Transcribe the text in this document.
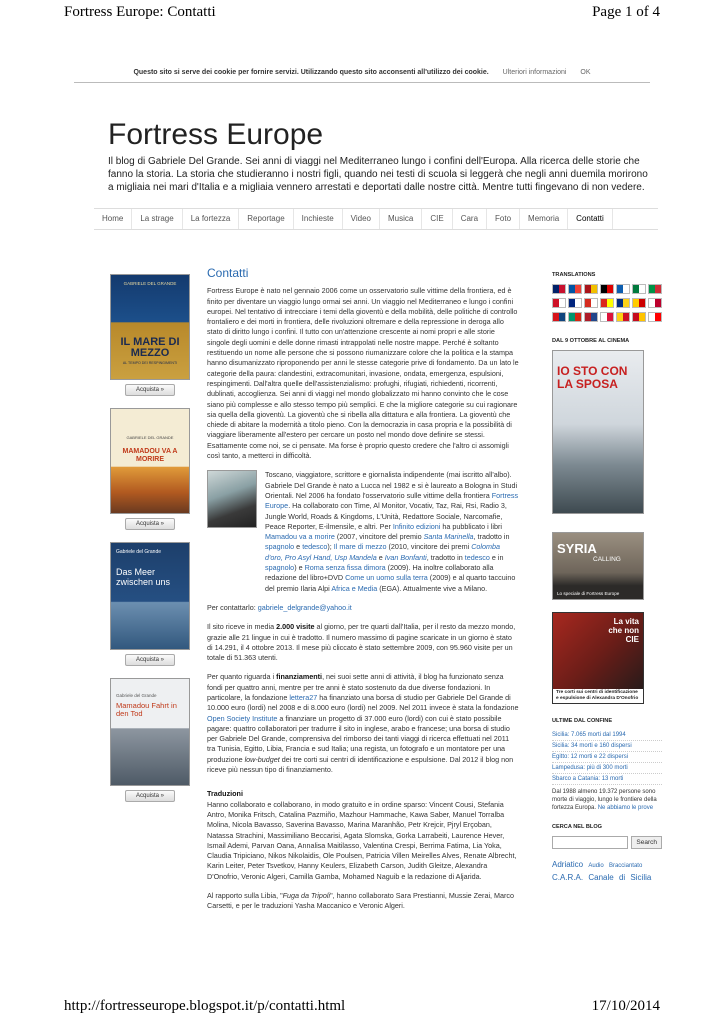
Fortress Europe: Contatti	Page 1 of 4
http://fortresseurope.blogspot.it/p/contatti.html	17/10/2014
Questo sito si serve dei cookie per fornire servizi. Utilizzando questo sito acconsenti all'utilizzo dei cookie. Ulteriori informazioni OK
Fortress Europe
Il blog di Gabriele Del Grande. Sei anni di viaggi nel Mediterraneo lungo i confini dell'Europa. Alla ricerca delle storie che fanno la storia. La storia che studieranno i nostri figli, quando nei testi di scuola si leggerà che negli anni duemila morirono a migliaia nei mari d'Italia e a migliaia vennero arrestati e deportati dalle nostre città. Mentre tutti fingevano di non vedere.
Home	La strage	La fortezza	Reportage	Inchieste	Video	Musica	CIE	Cara	Foto	Memoria	Contatti
GABRIELE DEL GRANDE
IL MARE DI MEZZO
AL TEMPO DEI RESPINGIMENTI
Acquista »
GABRIELE DEL GRANDE
MAMADOU VA A MORIRE
Acquista »
Gabriele del Grande
Das Meer zwischen uns
Acquista »
Gabriele del Grande
Mamadou Fahrt in den Tod
Acquista »
Contatti

Fortress Europe è nato nel gennaio 2006 come un osservatorio sulle vittime della frontiera, ed è finito per diventare un viaggio lungo ormai sei anni. Un viaggio nel Mediterraneo e lungo i confini europei. Nel tentativo di intrecciare i temi della gioventù e della mobilità, delle politiche di controllo frontaliero e dei morti in frontiera, delle rivoluzioni oltremare e della repressione in deroga allo stato di diritto lungo i confini. Il tutto con un'attenzione crescente ai nomi propri e alle storie singole degli uomini e delle donne rimasti intrappolati nelle nostre mappe. Perché è soltanto restituendo un nome alle persone che si possono riumanizzare colore che la politica e la stampa hanno disumanizzato riproponendo per anni le stesse categorie prive di fondamento. Da un lato le categorie della paura: clandestini, extracomunitari, invasione, ondata, emergenza, espulsioni, respingimenti. Dall'altra quelle dell'assistenzialismo: profughi, rifugiati, richiedenti, ricorrenti, dublinati, accoglienza. Sei anni di viaggi nel mondo globalizzato mi hanno convinto che le cose siano più complesse e allo stesso tempo più semplici. E che la migliore categorie su cui ragionare sia quella della gioventù. La gioventù che si ribella alla dittatura e alla frontiera. La gioventù che chiede di abitare la modernità a titolo pieno. Con la democrazia in casa propria e la possibilità di viaggiare liberamente all'estero per cercare un posto nel mondo dove definire se stessi. Esattamente come noi, se ci pensate. Ma forse è proprio questo credere che l'altro ci assomigli così tanto, a metterci in difficoltà.

Toscano, viaggiatore, scrittore e giornalista indipendente (mai iscritto all'albo). Gabriele Del Grande è nato a Lucca nel 1982 e si è laureato a Bologna in Studi Orientali. Nel 2006 ha fondato l'osservatorio sulle vittime della frontiera Fortress Europe. Ha collaborato con Time, Al Monitor, Vocativ, Taz, Rai, Rsi, Radio 3, Jungle World, Roads & Kingdoms, L'Unità, Redattore Sociale, Narcomafie, Peace Reporter, E-ilmensile, e altri. Per Infinito edizioni ha pubblicato i libri Mamadou va a morire (2007, vincitore del premio Santa Marinella, tradotto in spagnolo e tedesco); Il mare di mezzo (2010, vincitore dei premi Colomba d'oro, Pro Asyl Hand, Usp Mandela e Ivan Bonfanti, tradotto in tedesco e in spagnolo) e Roma senza fissa dimora (2009). Ha inoltre collaborato alla redazione del libro+DVD Come un uomo sulla terra (2009) e al quarto taccuino del premio Ilaria Alpi Africa e Media (EGA). Attualmente vive a Milano.

Per contattarlo: gabriele_delgrande@yahoo.it

Il sito riceve in media 2.000 visite al giorno, per tre quarti dall'Italia, per il resto da mezzo mondo, grazie alle 21 lingue in cui è tradotto. Il numero massimo di pagine scaricate in un giorno è stato di 14.291, il 4 ottobre 2013. Il mese più cliccato è stato settembre 2009, con 95.960 visite per un totale di 51.363 utenti.

Per quanto riguarda i finanziamenti, nei suoi sette anni di attività, il blog ha funzionato senza fondi per quattro anni, mentre per tre anni è stato sostenuto da due diverse fondazioni. In particolare, la fondazione lettera27 ha finanziato una borsa di studio per Gabriele Del Grande di 10.000 euro (lordi) nel 2008 e di 8.000 euro (lordi) nel 2009. Nel 2011 invece è stata la fondazione Open Society Institute a finanziare un progetto di 37.000 euro (lordi) con cui è stato possibile pagare: quattro collaboratori per tradurre il sito in inglese, arabo e francese; una borsa di studio per Gabriele Del Grande, comprensiva del rimborso dei tanti viaggi di ricerca effettuati nel 2011 tra Tunisia, Egitto, Libia, Francia e sud Italia; una regista, un fotografo e un montatore per una produzione low-budget dei tre corti sui centri di identificazione e espulsione. Dal 2012 il blog non riceve più nessun tipo di finanziamento.

Traduzioni
Hanno collaborato e collaborano, in modo gratuito e in ordine sparso: Vincent Cousi, Stefania Antro, Monika Fritsch, Catalina Pazmiño, Mazhour Hammache, Kawa Saber, Manuel Torralba Molina, Nicola Bavasso, Saverina Bavasso, Marina Maranhão, Petr Krejcir, Pjryl Erçoban, Natassa Strachini, Massimiliano Beccarisi, Agata Slomska, Gorka Larrabeiti, Laurence Hever, Ismail Ademi, Parvan Oana, Annalisa Maitilasso, Valentina Crespi, Berrima Fatima, Lia Yoka, Claudia Tripiciano, Nikos Nikolaidis, Ole Poulsen, Patricia Villen Meirelles Alves, Renate Albrecht, Karin Leiter, Peter Tsvetkov, Hanny Keulers, Elizabeth Carson, Judith Gleitze, Alexandra D'Onofrio, Veronic Algeri, Camilla Gamba, Mohamed Naguib e la redazione di Aljarida.

Al rapporto sulla Libia, "Fuga da Tripoli", hanno collaborato Sara Prestianni, Mussie Zerai, Marco Carsetti, e per le traduzioni Yasha Maccanico e Veronic Algeri.

TRANSLATIONS
DAL 9 OTTOBRE AL CINEMA
IO STO CON LA SPOSA
SYRIA
CALLING
Lo speciale di Fortress Europe
La vita
che non
CIE
Tre corti sui centri di identificazione e espulsione di Alexandra D'Onofrio
ULTIME DAL CONFINE
Sicilia: 7.065 morti dal 1994
Sicilia: 34 morti e 160 dispersi
Egitto: 12 morti e 22 dispersi
Lampedusa: più di 300 morti
Sbarco a Catania: 13 morti
Dal 1988 almeno 19.372 persone sono morte di viaggio, lungo le frontiere della fortezza Europa. Ne abbiamo le prove
CERCA NEL BLOG
Search
Adriatico Audio Bracciantato
C.A.R.A. Canale di Sicilia
